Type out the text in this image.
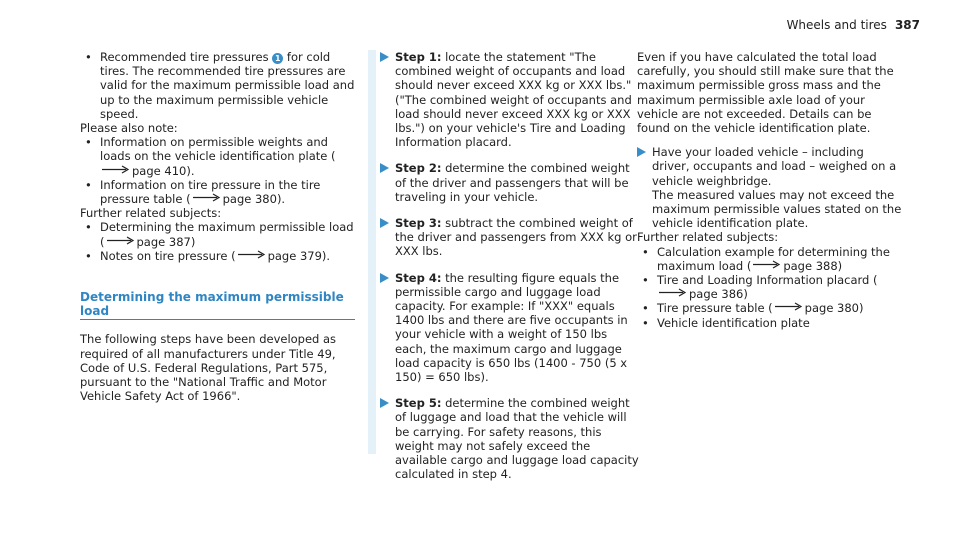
Wheels and tires 387
• Recommended tire pressures 1 for cold tires. The recommended tire pressures are valid for the maximum permissible load and up to the maximum permissible vehicle speed.

Please also note:

• Information on permissible weights and loads on the vehicle identification plate (page 410).
• Information on tire pressure in the tire pressure table (	page 380).

Further related subjects:

• Determining the maximum permissible load (	page 387)
• Notes on tire pressure (	page 379).
Determining the maximum permissible load

The following steps have been developed as required of all manufacturers under Title 49, Code of U.S. Federal Regulations, Part 575, pursuant to the "National Traffic and Motor Vehicle Safety Act of 1966".

Step 1: locate the statement "The combined weight of occupants and load should never exceed XXX kg or XXX lbs." ("The combined weight of occupants and load should never exceed XXX kg or XXX lbs.") on your vehicle's Tire and Loading Information placard.
Step 2: determine the combined weight of the driver and passengers that will be traveling in your vehicle.
Step 3: subtract the combined weight of the driver and passengers from XXX kg or XXX lbs.
Step 4: the resulting figure equals the permissible cargo and luggage load capacity. For example: If "XXX" equals 1400 lbs and there are five occupants in your vehicle with a weight of 150 lbs each, the maximum cargo and luggage load capacity is 650 lbs (1400 - 750 (5 x 150) = 650 lbs).
Step 5: determine the combined weight of luggage and load that the vehicle will be carrying. For safety reasons, this weight may not safely exceed the available cargo and luggage load capacity calculated in step 4.

Even if you have calculated the total load carefully, you should still make sure that the maximum permissible gross mass and the maximum permissible axle load of your vehicle are not exceeded. Details can be found on the vehicle identification plate.

Have your loaded vehicle – including driver, occupants and load – weighed on a vehicle weighbridge.
The measured values may not exceed the maximum permissible values stated on the vehicle identification plate.

Further related subjects:

• Calculation example for determining the maximum load (	page 388)
• Tire and Loading Information placard (page 386)
• Tire pressure table (	page 380)
• Vehicle identification plate
